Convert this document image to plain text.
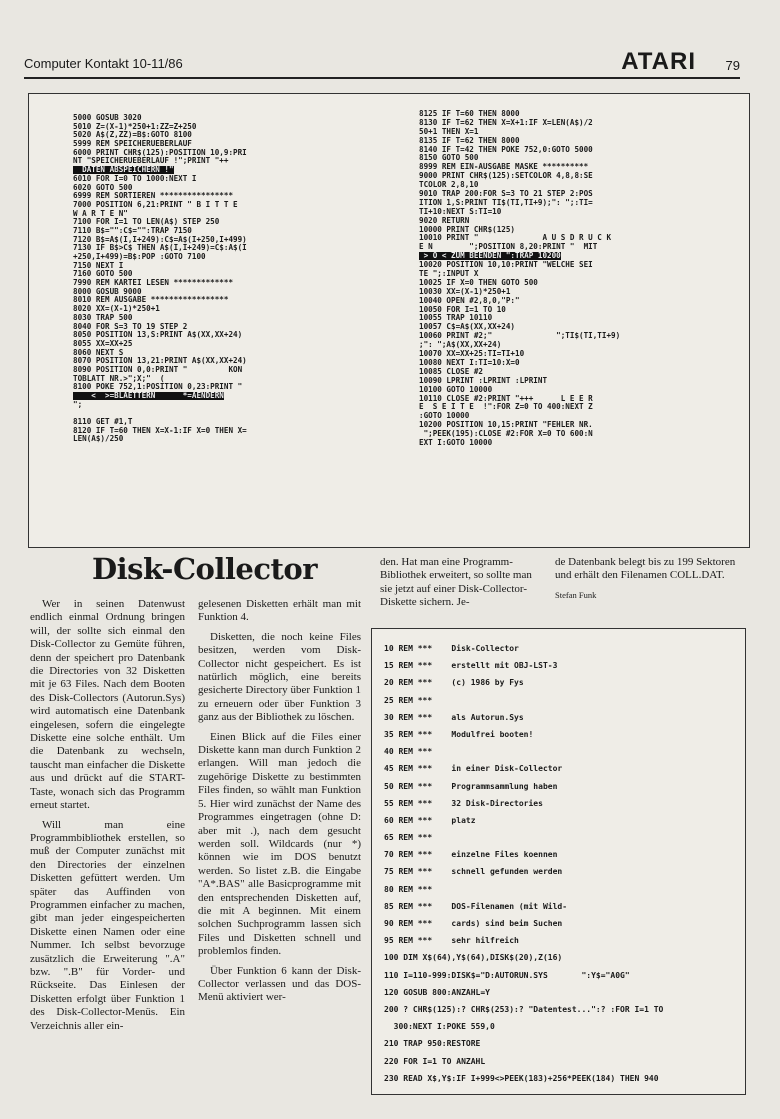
Computer Kontakt 10-11/86	ATARI 79
5000 GOSUB 3020
5010 Z=(X-1)*250+1:ZZ=Z+250
5020 A$(Z,ZZ)=B$:GOTO 8100
5999 REM SPEICHERUEBERLAUF
6000 PRINT CHR$(125):POSITION 10,9:PRI
NT "SPEICHERUEBERLAUF !";PRINT "++
DATEN ABSPEICHERN !"
6010 FOR I=0 TO 1000:NEXT I
6020 GOTO 500
6999 REM SORTIEREN ****************
7000 POSITION 6,21:PRINT " B I T T E
W A R T E N"
7100 FOR I=1 TO LEN(A$) STEP 250
7110 B$="":C$="":TRAP 7150
7120 B$=A$(I,I+249):C$=A$(I+250,I+499)
7130 IF B$>C$ THEN A$(I,I+249)=C$:A$(I
+250,I+499)=B$:POP :GOTO 7100
7150 NEXT I
7160 GOTO 500
7990 REM KARTEI LESEN *************
8000 GOSUB 9000
8010 REM AUSGABE *****************
8020 XX=(X-1)*250+1
8030 TRAP 500
8040 FOR S=3 TO 19 STEP 2
8050 POSITION 13,S:PRINT A$(XX,XX+24)
8055 XX=XX+25
8060 NEXT S
8070 POSITION 13,21:PRINT A$(XX,XX+24)
8090 POSITION 0,0:PRINT "         KON
TOBLATT NR.>";X;"  (
8100 POKE 752,1:POSITION 0,23:PRINT "
<  >=BLAETTERN      *=AENDERN
";
8110 GET #1,T
8120 IF T=60 THEN X=X-1:IF X=0 THEN X=
LEN(A$)/250
8125 IF T=60 THEN 8000
8130 IF T=62 THEN X=X+1:IF X=LEN(A$)/2
50+1 THEN X=1
8135 IF T=62 THEN 8000
8140 IF T=42 THEN POKE 752,0:GOTO 5000
8150 GOTO 500
8999 REM EIN-AUSGABE MASKE **********
9000 PRINT CHR$(125):SETCOLOR 4,8,8:SE
TCOLOR 2,8,10
9010 TRAP 200:FOR S=3 TO 21 STEP 2:POS
ITION 1,S:PRINT TI$(TI,TI+9);": ";:TI=
TI+10:NEXT S:TI=10
9020 RETURN
10000 PRINT CHR$(125)
10010 PRINT "              A U S D R U C K
E N        ";POSITION 8,20:PRINT "  MIT
> O < ZUM BEENDEN ":TRAP 10200
10020 POSITION 10,10:PRINT "WELCHE SEI
TE ";:INPUT X
10025 IF X=0 THEN GOTO 500
10030 XX=(X-1)*250+1
10040 OPEN #2,8,0,"P:"
10050 FOR I=1 TO 10
10055 TRAP 10110
10057 C$=A$(XX,XX+24)
10060 PRINT #2;"              ";TI$(TI,TI+9)
;": ";A$(XX,XX+24)
10070 XX=XX+25:TI=TI+10
10080 NEXT I:TI=10:X=0
10085 CLOSE #2
10090 LPRINT :LPRINT :LPRINT
10100 GOTO 10000
10110 CLOSE #2:PRINT "+++      L E E R
E  S E I T E  !":FOR Z=0 TO 400:NEXT Z
:GOTO 10000
10200 POSITION 10,15:PRINT "FEHLER NR.
";PEEK(195):CLOSE #2:FOR X=0 TO 600:N
EXT I:GOTO 10000
Disk-Collector

Wer in seinen Datenwust endlich einmal Ordnung bringen will, der sollte sich einmal den Disk-Collector zu Gemüte führen, denn der speichert pro Datenbank die Directories von 32 Disketten mit je 63 Files. Nach dem Booten des Disk-Collectors (Autorun.Sys) wird automatisch eine Datenbank eingelesen, sofern die eingelegte Diskette eine solche enthält. Um die Datenbank zu wechseln, tauscht man einfacher die Diskette aus und drückt auf die START-Taste, wonach sich das Programm erneut startet.

Will man eine Programmbibliothek erstellen, so muß der Computer zunächst mit den Directories der einzelnen Disketten gefüttert werden. Um später das Auffinden von Programmen einfacher zu machen, gibt man jeder eingespeicherten Diskette einen Namen oder eine Nummer. Ich selbst bevorzuge zusätzlich die Erweiterung ".A" bzw. ".B" für Vorder- und Rückseite. Das Einlesen der Disketten erfolgt über Funktion 1 des Disk-Collector-Menüs. Ein Verzeichnis aller ein-

gelesenen Disketten erhält man mit Funktion 4.

Disketten, die noch keine Files besitzen, werden vom Disk-Collector nicht gespeichert. Es ist natürlich möglich, eine bereits gesicherte Directory über Funktion 1 zu erneuern oder über Funktion 3 ganz aus der Bibliothek zu löschen.

Einen Blick auf die Files einer Diskette kann man durch Funktion 2 erlangen. Will man jedoch die zugehörige Diskette zu bestimmten Files finden, so wählt man Funktion 5. Hier wird zunächst der Name des Programmes eingetragen (ohne D: aber mit .), nach dem gesucht werden soll. Wildcards (nur *) können wie im DOS benutzt werden. So listet z.B. die Eingabe "A*.BAS" alle Basicprogramme mit den entsprechenden Disketten auf, die mit A beginnen. Mit einem solchen Suchprogramm lassen sich Files und Disketten schnell und problemlos finden.

Über Funktion 6 kann der Disk-Collector verlassen und das DOS-Menü aktiviert wer-

den. Hat man eine Programm-Bibliothek erweitert, so sollte man sie jetzt auf einer Disk-Collector-Diskette sichern. Je-

de Datenbank belegt bis zu 199 Sektoren und erhält den Filenamen COLL.DAT.

Stefan Funk
10 REM ***    Disk-Collector
15 REM ***    erstellt mit OBJ-LST-3
20 REM ***    (c) 1986 by Fys
25 REM ***
30 REM ***    als Autorun.Sys
35 REM ***    Modulfrei booten!
40 REM ***
45 REM ***    in einer Disk-Collector
50 REM ***    Programmsammlung haben
55 REM ***    32 Disk-Directories
60 REM ***    platz
65 REM ***
70 REM ***    einzelne Files koennen
75 REM ***    schnell gefunden werden
80 REM ***
85 REM ***    DOS-Filenamen (mit Wild-
90 REM ***    cards) sind beim Suchen
95 REM ***    sehr hilfreich
100 DIM X$(64),Y$(64),DISK$(20),Z(16)
110 I=110-999:DISK$="D:AUTORUN.SYS       ":Y$="A0G"
120 GOSUB 800:ANZAHL=Y
200 ? CHR$(125):? CHR$(253):? "Datentest...":? :FOR I=1 TO
300:NEXT I:POKE 559,0
210 TRAP 950:RESTORE
220 FOR I=1 TO ANZAHL
230 READ X$,Y$:IF I+999<>PEEK(183)+256*PEEK(184) THEN 940
